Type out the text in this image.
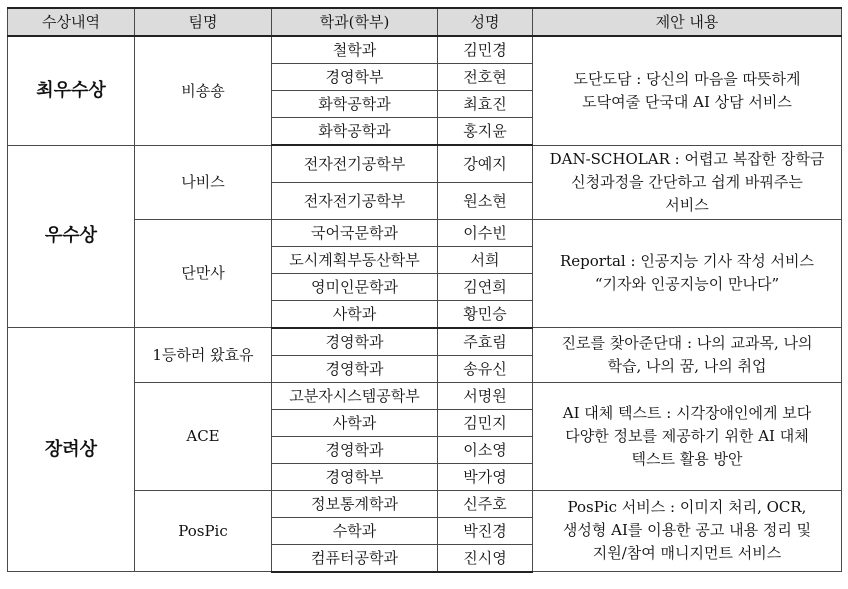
수상내역	팀명	학과(학부)	성명	제안 내용
최우수상	비숑숑	철학과	김민경	도단도담 : 당신의 마음을 따뜻하게
도닥여줄 단국대 AI 상담 서비스

		경영학부	전호현	
		화학공학과	최효진	
		화학공학과	홍지윤	
우수상	나비스	전자전기공학부	강예지	DAN-SCHOLAR : 어렵고 복잡한 장학금
신청과정을 간단하고 쉽게 바꿔주는
서비스

		전자전기공학부	원소현	
	단만사	국어국문학과	이수빈	Reportal : 인공지능 기사 작성 서비스
“기자와 인공지능이 만나다”

		도시계획부동산학부	서희	
		영미인문학과	김연희	
		사학과	황민승	
장려상	1등하러 왔효유	경영학과	주효림	진로를 찾아준단대 : 나의 교과목, 나의
학습, 나의 꿈, 나의 취업

		경영학과	송유신	
	ACE	고분자시스템공학부	서명원	AI 대체 텍스트 : 시각장애인에게 보다
다양한 정보를 제공하기 위한 AI 대체
텍스트 활용 방안

		사학과	김민지	
		경영학과	이소영	
		경영학부	박가영	
	PosPic	정보통계학과	신주호	PosPic 서비스 : 이미지 처리, OCR,
생성형 AI를 이용한 공고 내용 정리 및
지원/참여 매니지먼트 서비스

		수학과	박진경	
		컴퓨터공학과	진시영	
